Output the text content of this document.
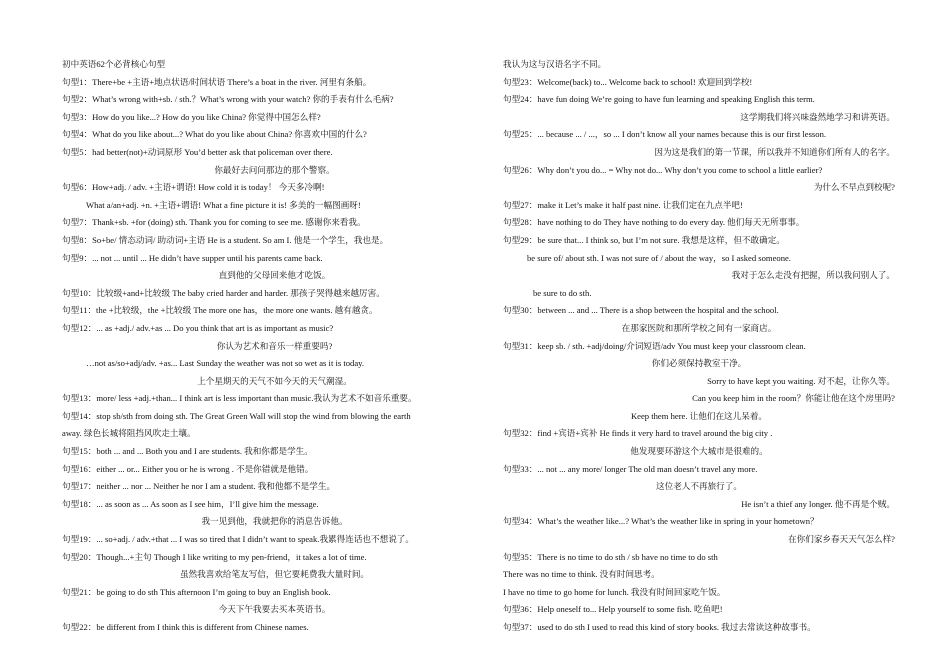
初中英语62个必背核心句型
句型1：There+be +主语+地点状语/时间状语 There’s a boat in the river. 河里有条船。
句型2：What’s wrong with+sb. / sth.？What’s wrong with your watch? 你的手表有什么毛病?
句型3：How do you like...? How do you like China? 你觉得中国怎么样?
句型4：What do you like about...? What do you like about China? 你喜欢中国的什么?
句型5：had better(not)+动词原形 You’d better ask that policeman over there.
你最好去问问那边的那个警察。
句型6：How+adj. / adv. +主语+谓语! How cold it is today！ 今天多冷啊!
What a/an+adj. +n. +主语+谓语! What a fine picture it is! 多美的一幅图画呀!
句型7：Thank+sb. +for (doing) sth. Thank you for coming to see me. 感谢你来看我。
句型8：So+be/ 情态动词/ 助动词+主语 He is a student. So am I. 他是一个学生，我也是。
句型9：... not ... until ... He didn’t have supper until his parents came back.
直到他的父母回来他才吃饭。
句型10：比较级+and+比较级 The baby cried harder and harder. 那孩子哭得越来越厉害。
句型11：the +比较级，the +比较级 The more one has，the more one wants. 越有越贪。
句型12：... as +adj./ adv.+as ... Do you think that art is as important as music?
你认为艺术和音乐一样重要吗?
…not as/so+adj/adv. +as... Last Sunday the weather was not so wet as it is today.
上个星期天的天气不如今天的天气潮湿。
句型13：more/ less +adj.+than... I think art is less important than music.我认为艺术不如音乐重要。
句型14：stop sb/sth from doing sth. The Great Green Wall will stop the wind from blowing the earth
away. 绿色长城将阻挡风吹走土壤。
句型15：both ... and ... Both you and I are students. 我和你都是学生。
句型16：either ... or... Either you or he is wrong . 不是你错就是他错。
句型17：neither ... nor ... Neither he nor I am a student. 我和他都不是学生。
句型18：... as soon as ... As soon as I see him，I’ll give him the message.
我一见到他，我就把你的消息告诉他。
句型19：... so+adj. / adv.+that ... I was so tired that I didn’t want to speak.我累得连话也不想说了。
句型20：Though...+主句 Though I like writing to my pen-friend，it takes a lot of time.
虽然我喜欢给笔友写信，但它要耗费我大量时间。
句型21：be going to do sth This afternoon I’m going to buy an English book.
今天下午我要去买本英语书。
句型22：be different from I think this is different from Chinese names.
我认为这与汉语名字不同。
句型23：Welcome(back) to... Welcome back to school! 欢迎回到学校!
句型24：have fun doing We’re going to have fun learning and speaking English this term.
这学期我们将兴味盎然地学习和讲英语。
句型25：... because ... / ...，so ... I don’t know all your names because this is our first lesson.
因为这是我们的第一节课，所以我并不知道你们所有人的名字。
句型26：Why don’t you do... = Why not do... Why don’t you come to school a little earlier?
为什么不早点到校呢?
句型27：make it Let’s make it half past nine. 让我们定在九点半吧!
句型28：have nothing to do They have nothing to do every day. 他们每天无所事事。
句型29：be sure that... I think so, but I’m not sure. 我想是这样，但不敢确定。
be sure of/ about sth. I was not sure of / about the way，so I asked someone.
我对于怎么走没有把握，所以我问别人了。
be sure to do sth.
句型30：between ... and ... There is a shop between the hospital and the school.
在那家医院和那所学校之间有一家商店。
句型31：keep sb. / sth. +adj/doing/介词短语/adv You must keep your classroom clean.
你们必须保持教室干净。
Sorry to have kept you waiting. 对不起，让你久等。
Can you keep him in the room？你能让他在这个房里吗?
Keep them here. 让他们在这儿呆着。
句型32：find +宾语+宾补 He finds it very hard to travel around the big city .
他发现要环游这个大城市是很难的。
句型33：... not ... any more/ longer The old man doesn’t travel any more.
这位老人不再旅行了。
He isn’t a thief any longer. 他不再是个贼。
句型34：What’s the weather like...? What’s the weather like in spring in your hometown？
在你们家乡春天天气怎么样?
句型35：There is no time to do sth / sb have no time to do sth
There was no time to think. 没有时间思考。
I have no time to go home for lunch. 我没有时间回家吃午饭。
句型36：Help oneself to... Help yourself to some fish. 吃鱼吧!
句型37：used to do sth I used to read this kind of story books. 我过去常读这种故事书。
